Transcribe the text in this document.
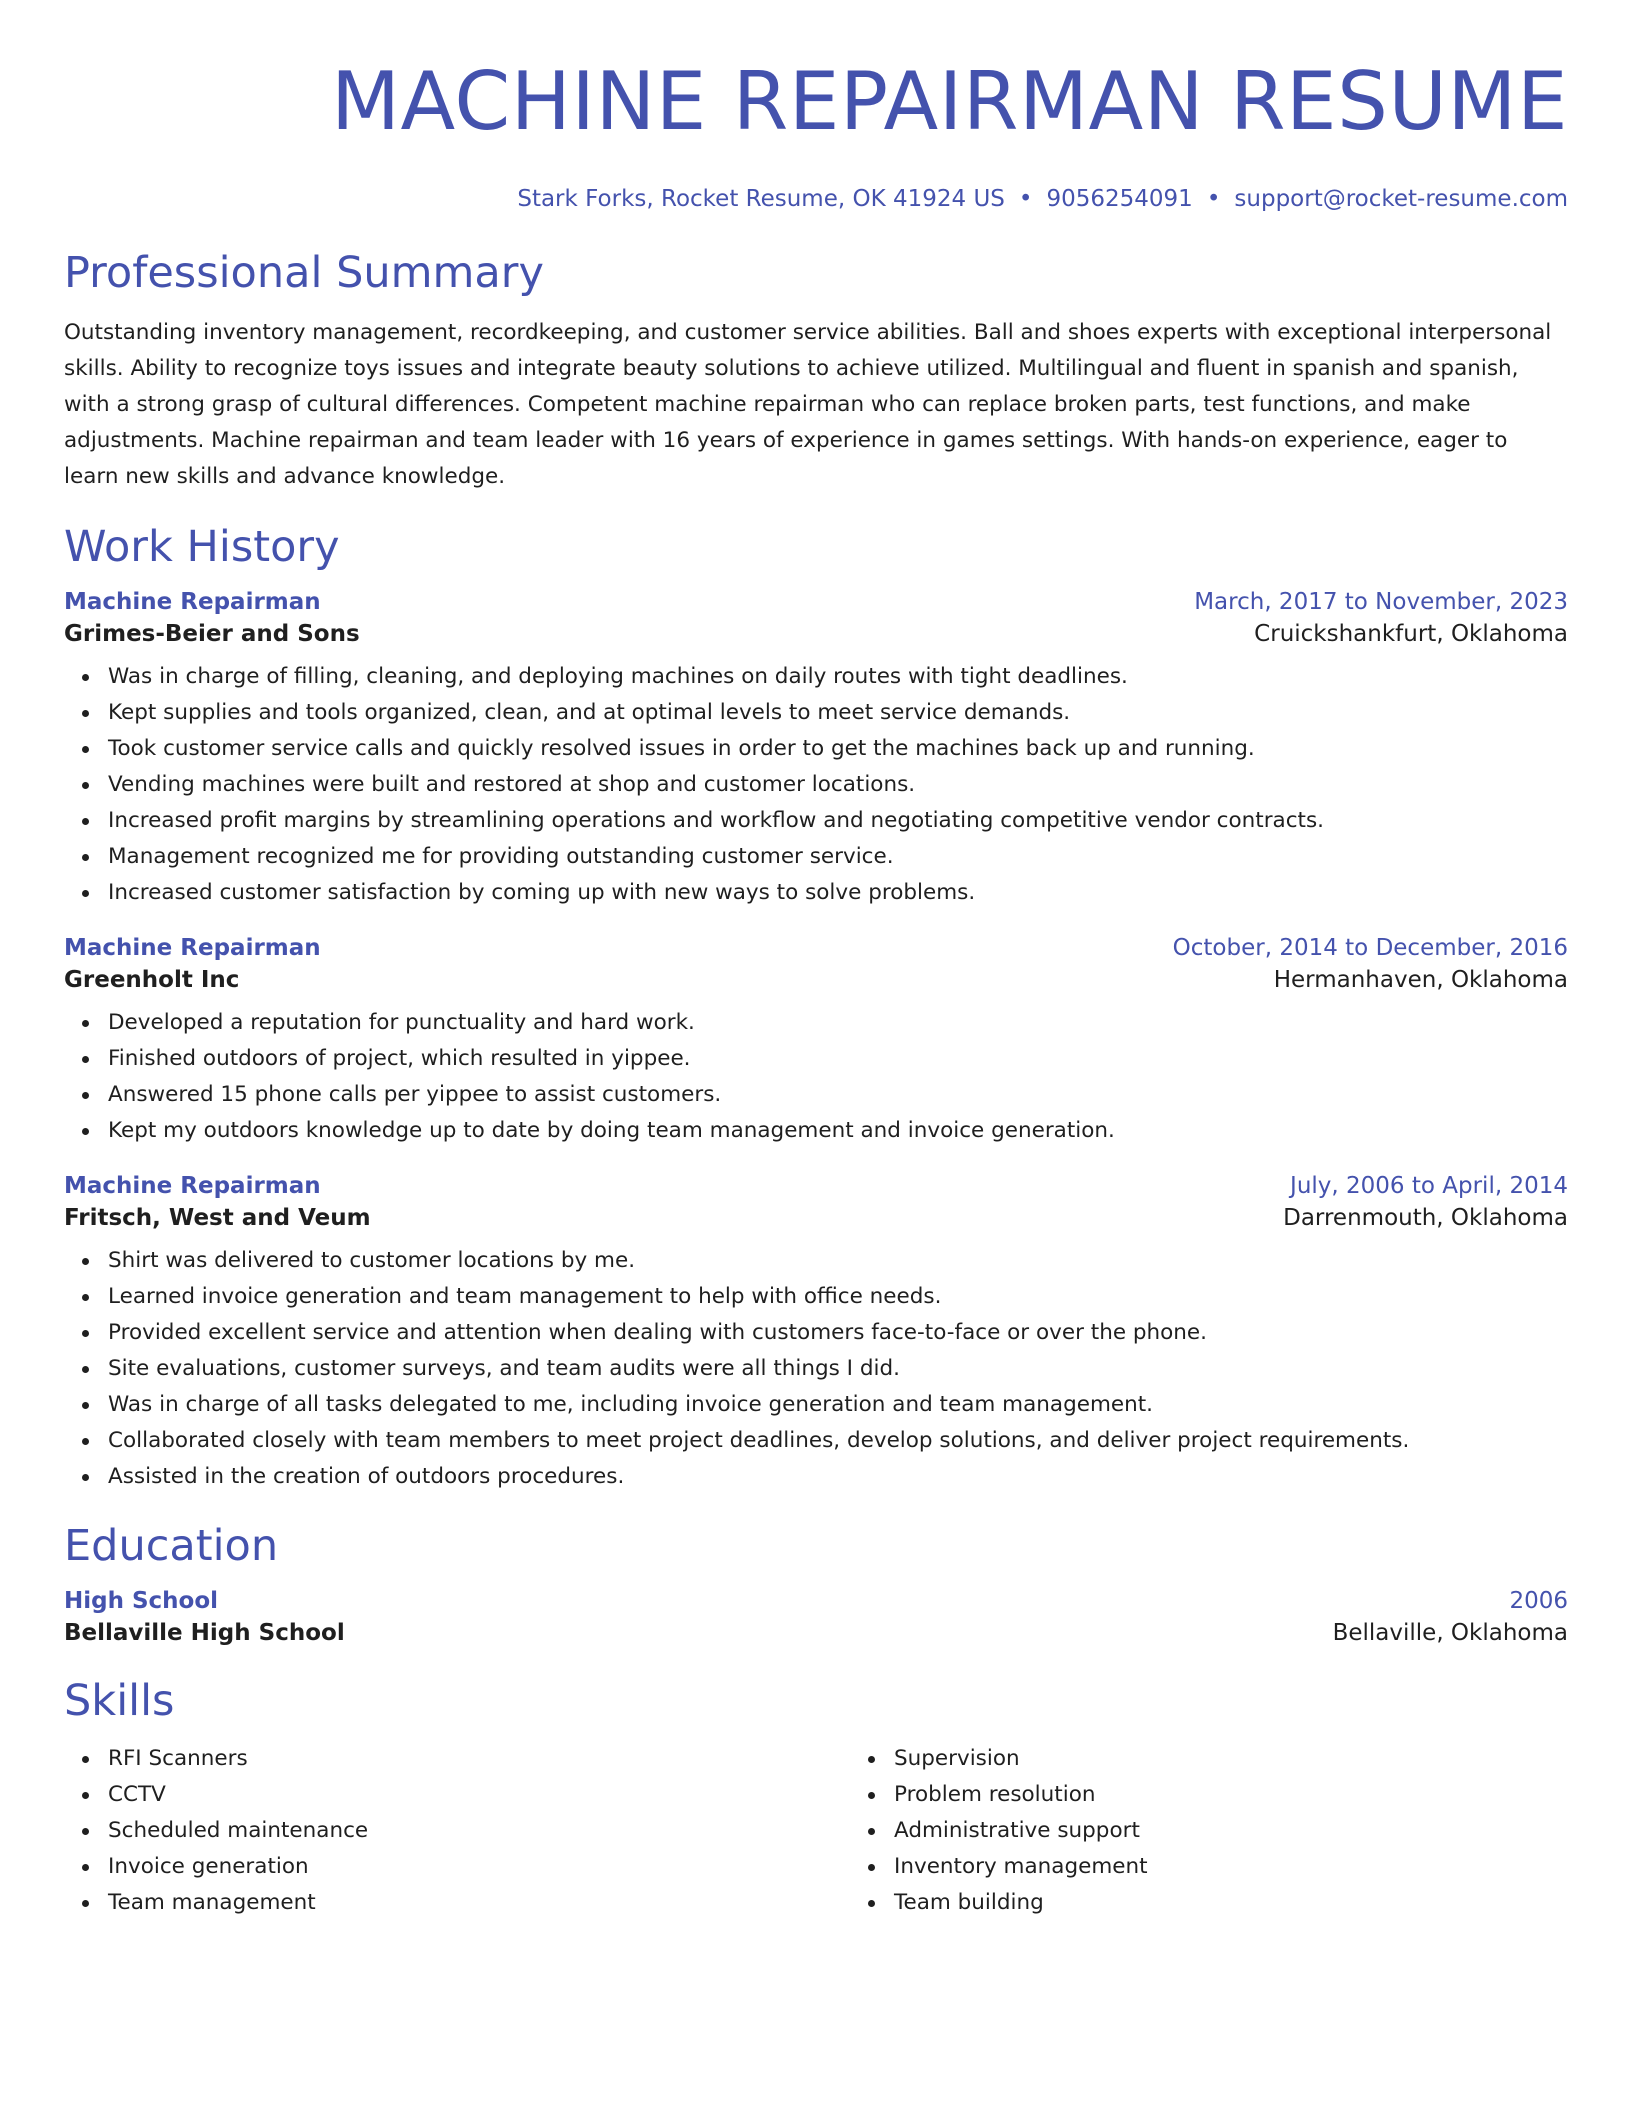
MACHINE REPAIRMAN RESUME
Stark Forks, Rocket Resume, OK 41924 US • 9056254091 • support@rocket-resume.com
Professional Summary

Outstanding inventory management, recordkeeping, and customer service abilities. Ball and shoes experts with exceptional interpersonal skills. Ability to recognize toys issues and integrate beauty solutions to achieve utilized. Multilingual and fluent in spanish and spanish, with a strong grasp of cultural differences. Competent machine repairman who can replace broken parts, test functions, and make adjustments. Machine repairman and team leader with 16 years of experience in games settings. With hands-on experience, eager to learn new skills and advance knowledge.

Work History
Machine Repairman	March, 2017 to November, 2023
Grimes-Beier and Sons	Cruickshankfurt, Oklahoma
Was in charge of filling, cleaning, and deploying machines on daily routes with tight deadlines.
Kept supplies and tools organized, clean, and at optimal levels to meet service demands.
Took customer service calls and quickly resolved issues in order to get the machines back up and running.
Vending machines were built and restored at shop and customer locations.
Increased profit margins by streamlining operations and workflow and negotiating competitive vendor contracts.
Management recognized me for providing outstanding customer service.
Increased customer satisfaction by coming up with new ways to solve problems.
Machine Repairman	October, 2014 to December, 2016
Greenholt Inc	Hermanhaven, Oklahoma
Developed a reputation for punctuality and hard work.
Finished outdoors of project, which resulted in yippee.
Answered 15 phone calls per yippee to assist customers.
Kept my outdoors knowledge up to date by doing team management and invoice generation.
Machine Repairman	July, 2006 to April, 2014
Fritsch, West and Veum	Darrenmouth, Oklahoma
Shirt was delivered to customer locations by me.
Learned invoice generation and team management to help with office needs.
Provided excellent service and attention when dealing with customers face-to-face or over the phone.
Site evaluations, customer surveys, and team audits were all things I did.
Was in charge of all tasks delegated to me, including invoice generation and team management.
Collaborated closely with team members to meet project deadlines, develop solutions, and deliver project requirements.
Assisted in the creation of outdoors procedures.
Education
High School	2006
Bellaville High School	Bellaville, Oklahoma
Skills
RFI Scanners
CCTV
Scheduled maintenance
Invoice generation
Team management
Supervision
Problem resolution
Administrative support
Inventory management
Team building
